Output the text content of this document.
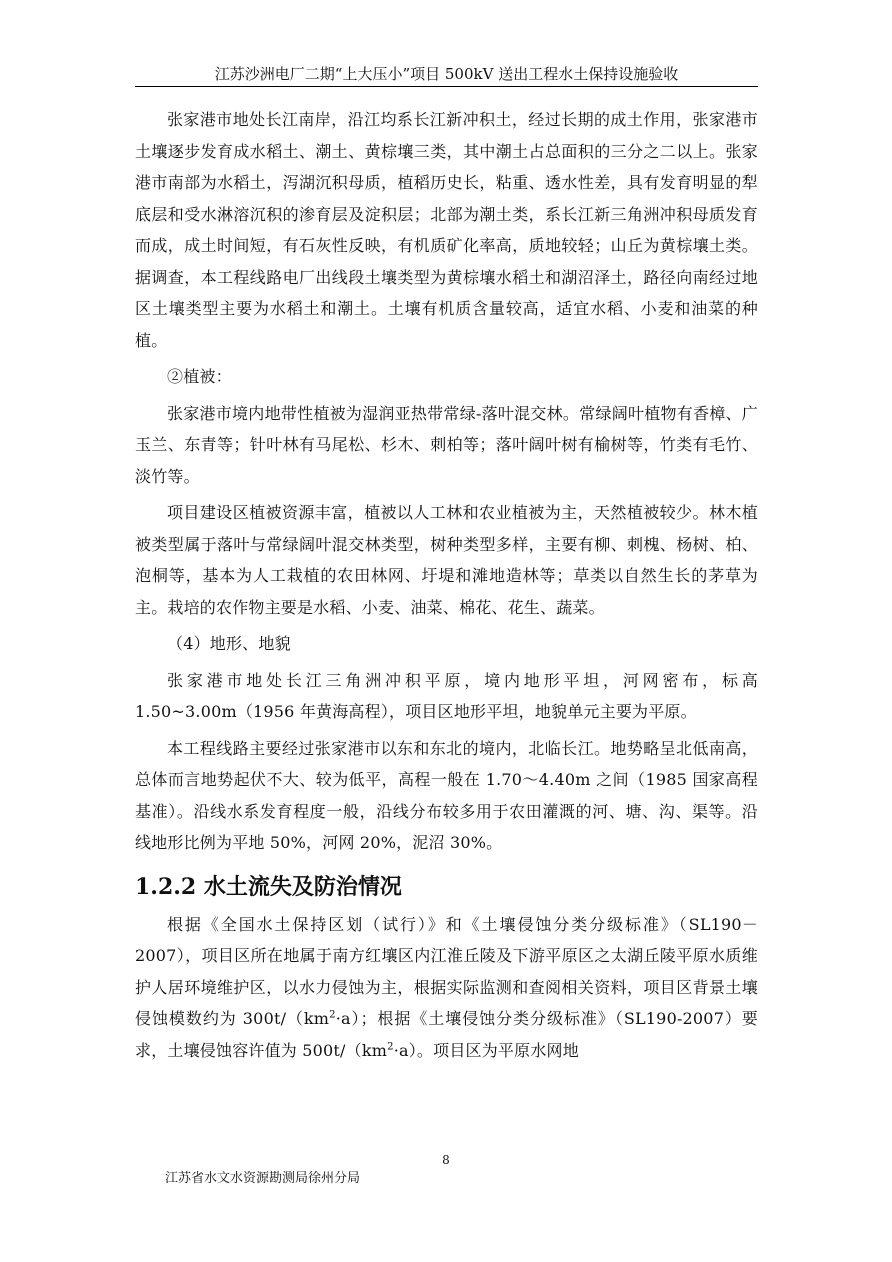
江苏沙洲电厂二期“上大压小”项目 500kV 送出工程水土保持设施验收

张家港市地处长江南岸，沿江均系长江新冲积土，经过长期的成土作用，张家港市土壤逐步发育成水稻土、潮土、黄棕壤三类，其中潮土占总面积的三分之二以上。张家港市南部为水稻土，泻湖沉积母质，植稻历史长，粘重、透水性差，具有发育明显的犁底层和受水淋溶沉积的渗育层及淀积层；北部为潮土类，系长江新三角洲冲积母质发育而成，成土时间短，有石灰性反映，有机质矿化率高，质地较轻；山丘为黄棕壤土类。据调查，本工程线路电厂出线段土壤类型为黄棕壤水稻土和湖沼泽土，路径向南经过地区土壤类型主要为水稻土和潮土。土壤有机质含量较高，适宜水稻、小麦和油菜的种植。

②植被：

张家港市境内地带性植被为湿润亚热带常绿-落叶混交林。常绿阔叶植物有香樟、广玉兰、东青等；针叶林有马尾松、杉木、刺柏等；落叶阔叶树有榆树等，竹类有毛竹、淡竹等。

项目建设区植被资源丰富，植被以人工林和农业植被为主，天然植被较少。林木植被类型属于落叶与常绿阔叶混交林类型，树种类型多样，主要有柳、刺槐、杨树、柏、泡桐等，基本为人工栽植的农田林网、圩堤和滩地造林等；草类以自然生长的茅草为主。栽培的农作物主要是水稻、小麦、油菜、棉花、花生、蔬菜。

（4）地形、地貌

张家港市地处长江三角洲冲积平原，境内地形平坦，河网密布，标高 1.50~3.00m（1956 年黄海高程），项目区地形平坦，地貌单元主要为平原。

本工程线路主要经过张家港市以东和东北的境内，北临长江。地势略呈北低南高，总体而言地势起伏不大、较为低平，高程一般在 1.70～4.40m 之间（1985 国家高程基准）。沿线水系发育程度一般，沿线分布较多用于农田灌溉的河、塘、沟、渠等。沿线地形比例为平地 50%，河网 20%，泥沼 30%。

1.2.2 水土流失及防治情况

根据《全国水土保持区划（试行）》和《土壤侵蚀分类分级标准》（SL190－2007），项目区所在地属于南方红壤区内江淮丘陵及下游平原区之太湖丘陵平原水质维护人居环境维护区，以水力侵蚀为主，根据实际监测和查阅相关资料，项目区背景土壤侵蚀模数约为 $300t/(km^2\cdot a)$；根据《土壤侵蚀分类分级标准》（SL190-2007）要求，土壤侵蚀容许值为 $500t/(km^2\cdot a)$。项目区为平原水网地

8
江苏省水文水资源勘测局徐州分局
